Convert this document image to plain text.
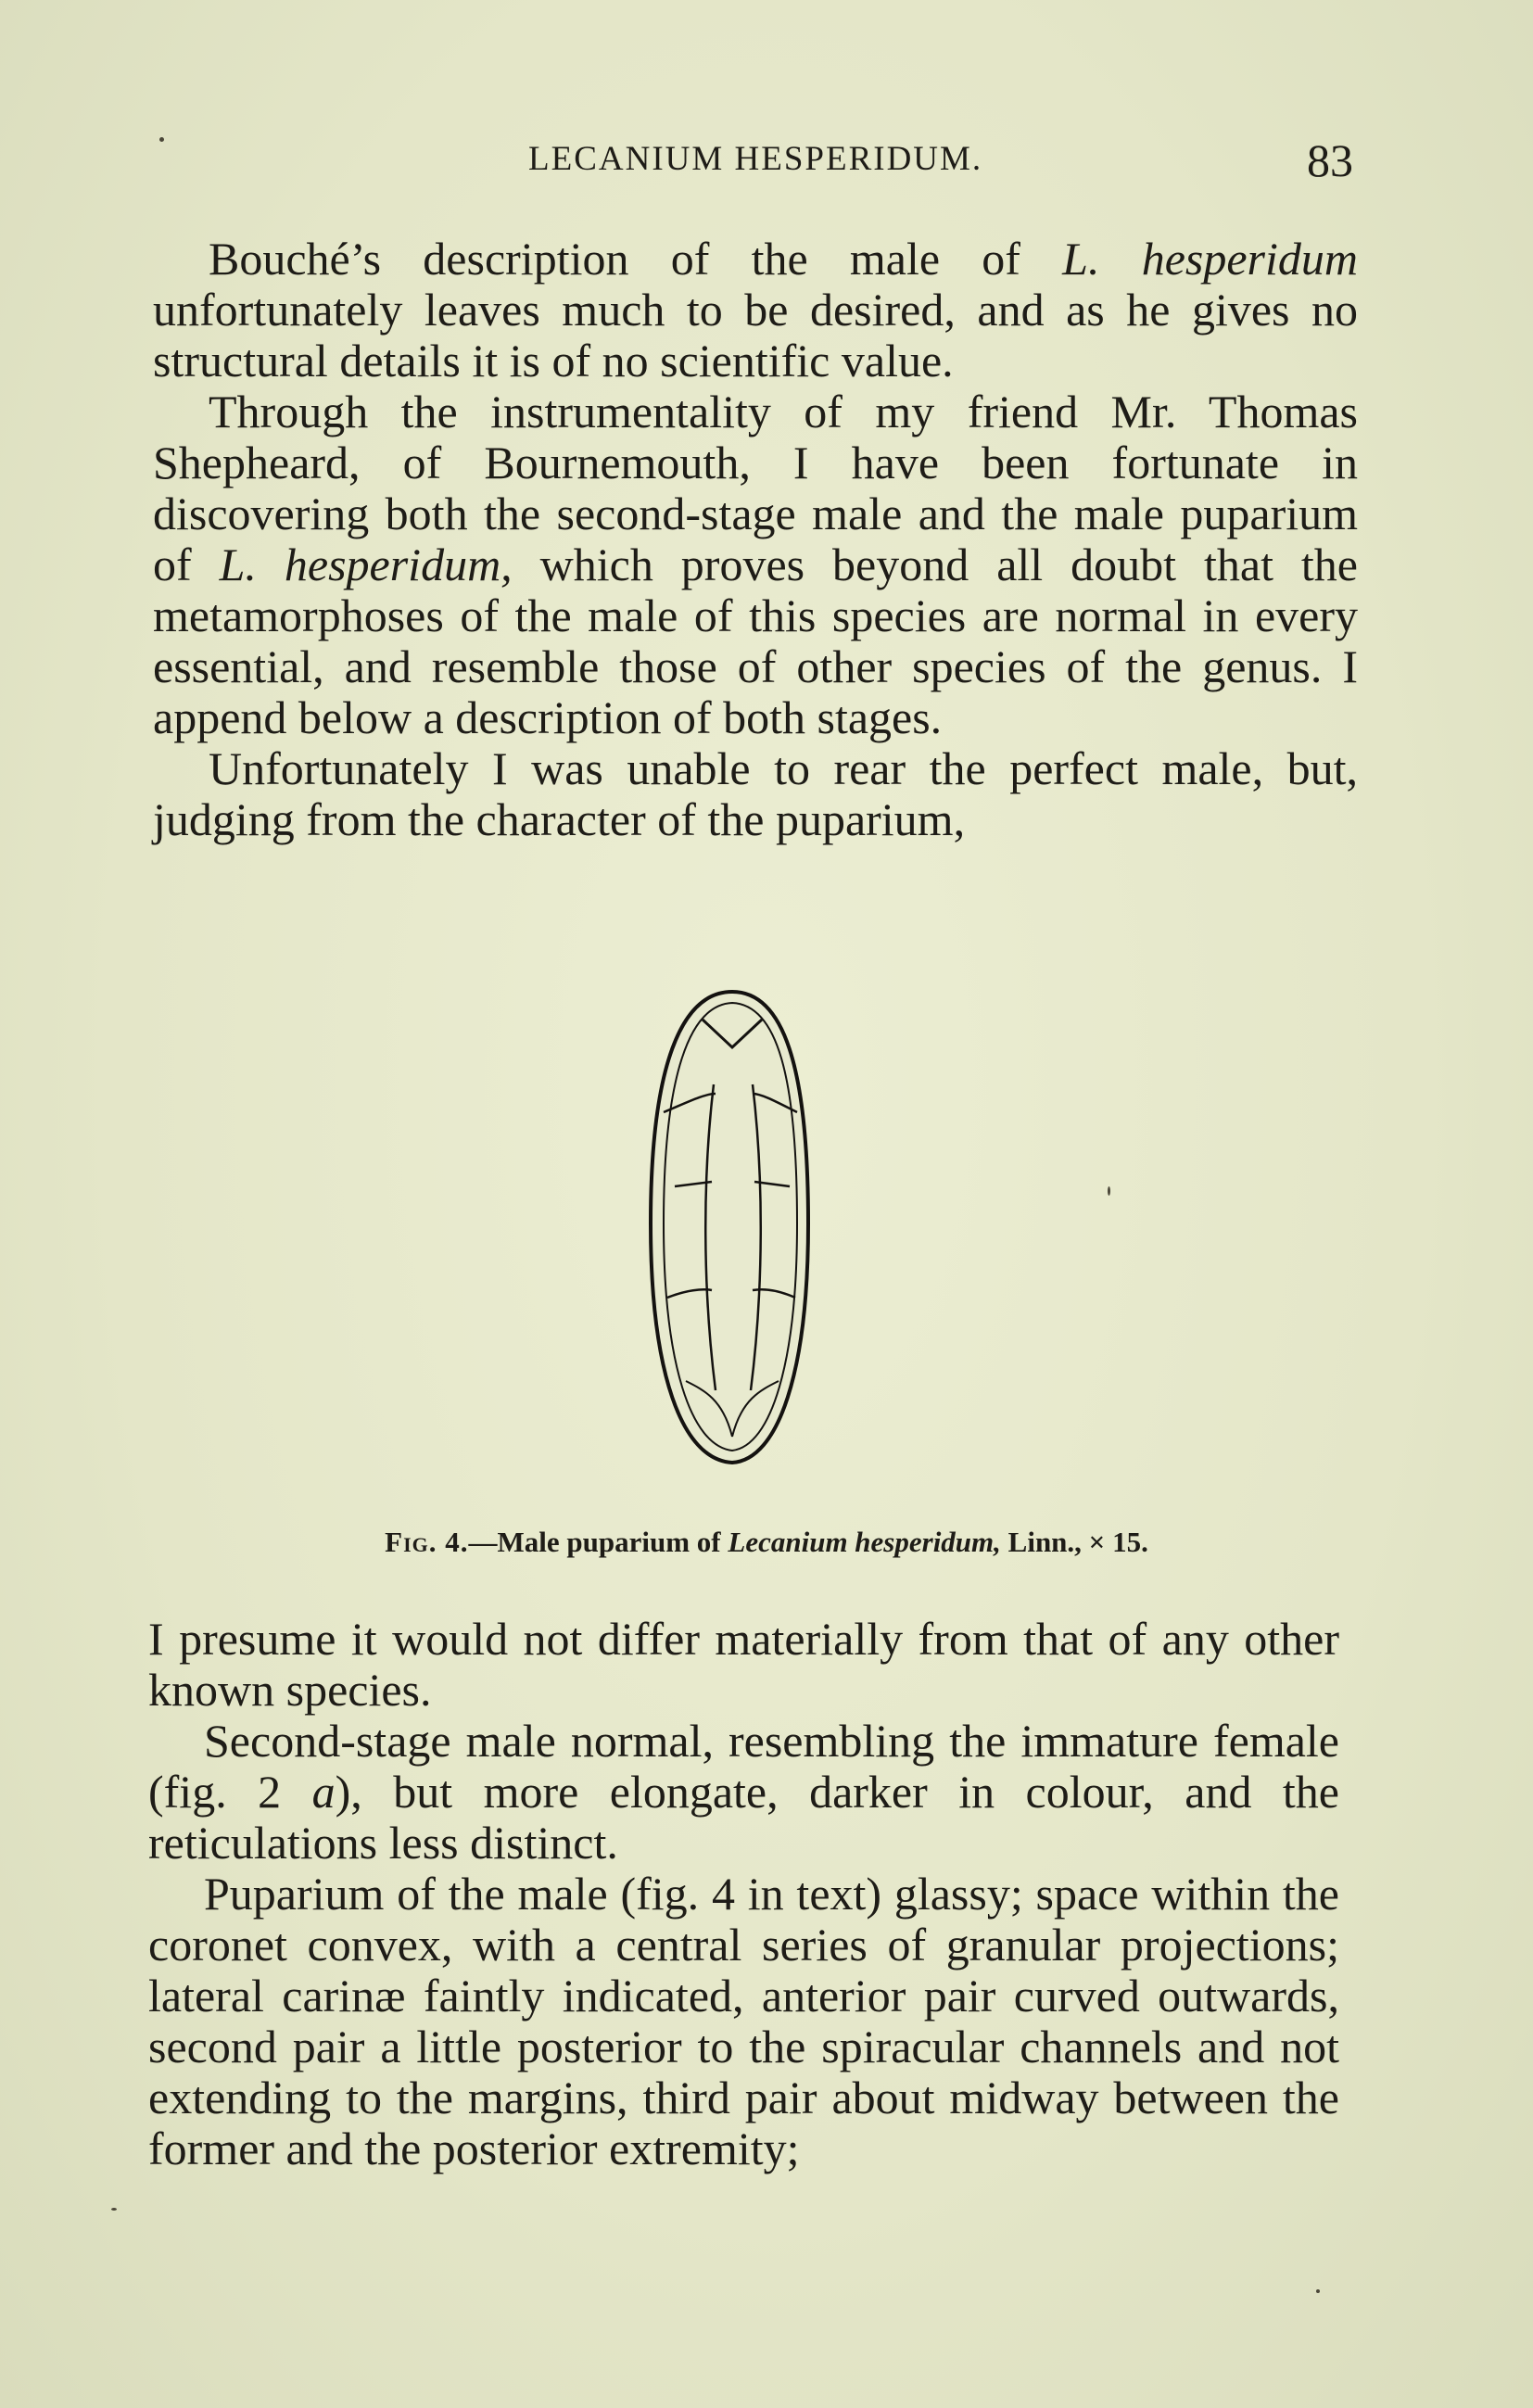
LECANIUM HESPERIDUM.	83

Bouché’s description of the male of L. hesperidum unfortunately leaves much to be desired, and as he gives no structural details it is of no scientific value.

Through the instrumentality of my friend Mr. Thomas Shepheard, of Bournemouth, I have been fortunate in discovering both the second-stage male and the male puparium of L. hesperidum, which proves beyond all doubt that the metamorphoses of the male of this species are normal in every essential, and resemble those of other species of the genus. I append below a description of both stages.

Unfortunately I was unable to rear the perfect male, but, judging from the character of the puparium,

Fig. 4.—Male puparium of Lecanium hesperidum, Linn., × 15.

I presume it would not differ materially from that of any other known species.

Second-stage male normal, resembling the immature female (fig. 2 a), but more elongate, darker in colour, and the reticulations less distinct.

Puparium of the male (fig. 4 in text) glassy; space within the coronet convex, with a central series of granular projections; lateral carinæ faintly indicated, anterior pair curved outwards, second pair a little posterior to the spiracular channels and not extending to the margins, third pair about midway between the former and the posterior extremity;
